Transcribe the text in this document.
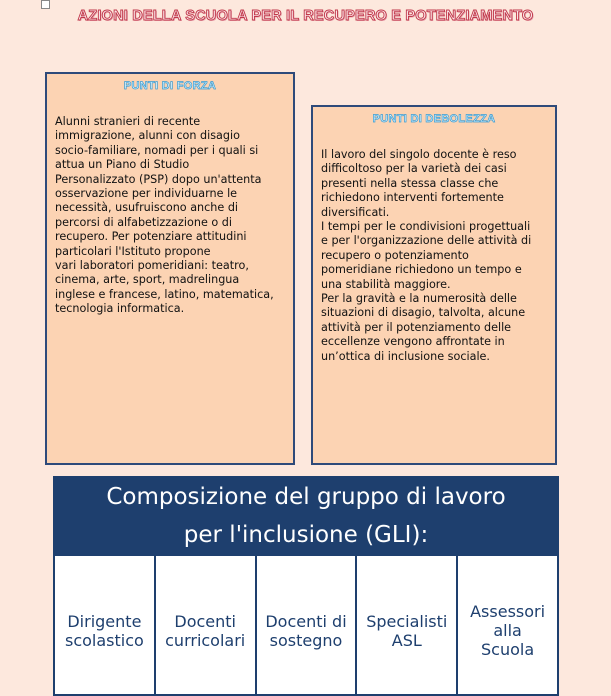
AZIONI DELLA SCUOLA PER IL RECUPERO E POTENZIAMENTO
PUNTI DI FORZA
Alunni stranieri di recente
immigrazione, alunni con disagio
socio-familiare, nomadi per i quali si
attua un Piano di Studio
Personalizzato (PSP) dopo un'attenta
osservazione per individuarne le
necessità, usufruiscono anche di
percorsi di alfabetizzazione o di
recupero. Per potenziare attitudini
particolari l'Istituto propone
vari laboratori pomeridiani: teatro,
cinema, arte, sport, madrelingua
inglese e francese, latino, matematica,
tecnologia informatica.
PUNTI DI DEBOLEZZA
Il lavoro del singolo docente è reso
difficoltoso per la varietà dei casi
presenti nella stessa classe che
richiedono interventi fortemente
diversificati.
I tempi per le condivisioni progettuali
e per l'organizzazione delle attività di
recupero o potenziamento
pomeridiane richiedono un tempo e
una stabilità maggiore.
Per la gravità e la numerosità delle
situazioni di disagio, talvolta, alcune
attività per il potenziamento delle
eccellenze vengono affrontate in
un’ottica di inclusione sociale.
Composizione del gruppo di lavoro
per l'inclusione (GLI):
Dirigente
scolastico
Docenti
curricolari
Docenti di
sostegno
Specialisti
ASL
Assessori
alla
Scuola
